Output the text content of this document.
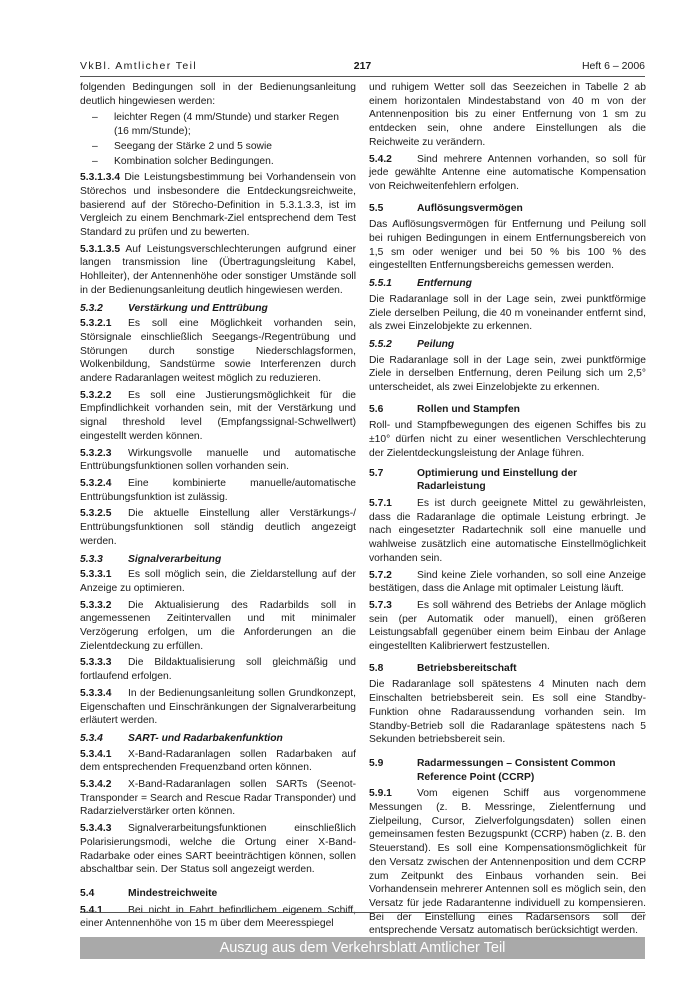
VkBl. Amtlicher Teil	217	Heft 6 – 2006

folgenden Bedingungen soll in der Bedienungsanleitung deutlich hingewiesen werden:

– leichter Regen (4 mm/Stunde) und starker Regen (16 mm/Stunde);
– Seegang der Stärke 2 und 5 sowie
– Kombination solcher Bedingungen.

5.3.1.3.4 Die Leistungsbestimmung bei Vorhandensein von Störechos und insbesondere die Entdeckungsreichweite, basierend auf der Störecho-Definition in 5.3.1.3.3, ist im Vergleich zu einem Benchmark-Ziel entsprechend dem Test Standard zu prüfen und zu bewerten.

5.3.1.3.5 Auf Leistungsverschlechterungen aufgrund einer langen transmission line (Übertragungsleitung Kabel, Hohlleiter), der Antennenhöhe oder sonstiger Umstände soll in der Bedienungsanleitung deutlich hingewiesen werden.

5.3.2	Verstärkung und Enttrübung

5.3.2.1 Es soll eine Möglichkeit vorhanden sein, Störsignale einschließlich Seegangs-/Regentrübung und Störungen durch sonstige Niederschlagsformen, Wolkenbildung, Sandstürme sowie Interferenzen durch andere Radaranlagen weitest möglich zu reduzieren.

5.3.2.2 Es soll eine Justierungsmöglichkeit für die Empfindlichkeit vorhanden sein, mit der Verstärkung und signal threshold level (Empfangssignal-Schwellwert) eingestellt werden können.

5.3.2.3 Wirkungsvolle manuelle und automatische Enttrübungsfunktionen sollen vorhanden sein.

5.3.2.4 Eine kombinierte manuelle/automatische Enttrübungsfunktion ist zulässig.

5.3.2.5 Die aktuelle Einstellung aller Verstärkungs-/ Enttrübungsfunktionen soll ständig deutlich angezeigt werden.

5.3.3	Signalverarbeitung

5.3.3.1 Es soll möglich sein, die Zieldarstellung auf der Anzeige zu optimieren.

5.3.3.2 Die Aktualisierung des Radarbilds soll in angemessenen Zeitintervallen und mit minimaler Verzögerung erfolgen, um die Anforderungen an die Zielentdeckung zu erfüllen.

5.3.3.3 Die Bildaktualisierung soll gleichmäßig und fortlaufend erfolgen.

5.3.3.4 In der Bedienungsanleitung sollen Grundkonzept, Eigenschaften und Einschränkungen der Signalverarbeitung erläutert werden.

5.3.4	SART- und Radarbakenfunktion

5.3.4.1 X-Band-Radaranlagen sollen Radarbaken auf dem entsprechenden Frequenzband orten können.

5.3.4.2 X-Band-Radaranlagen sollen SARTs (Seenot-Transponder = Search and Rescue Radar Transponder) und Radarzielverstärker orten können.

5.3.4.3 Signalverarbeitungsfunktionen einschließlich Polarisierungsmodi, welche die Ortung einer X-Band-Radarbake oder eines SART beeinträchtigen können, sollen abschaltbar sein. Der Status soll angezeigt werden.

5.4	Mindestreichweite

5.4.1 Bei nicht in Fahrt befindlichem eigenem Schiff, einer Antennenhöhe von 15 m über dem Meeresspiegel

und ruhigem Wetter soll das Seezeichen in Tabelle 2 ab einem horizontalen Mindestabstand von 40 m von der Antennenposition bis zu einer Entfernung von 1 sm zu entdecken sein, ohne andere Einstellungen als die Reichweite zu verändern.

5.4.2 Sind mehrere Antennen vorhanden, so soll für jede gewählte Antenne eine automatische Kompensation von Reichweitenfehlern erfolgen.

5.5	Auflösungsvermögen

Das Auflösungsvermögen für Entfernung und Peilung soll bei ruhigen Bedingungen in einem Entfernungsbereich von 1,5 sm oder weniger und bei 50 % bis 100 % des eingestellten Entfernungsbereichs gemessen werden.

5.5.1	Entfernung

Die Radaranlage soll in der Lage sein, zwei punktförmige Ziele derselben Peilung, die 40 m voneinander entfernt sind, als zwei Einzelobjekte zu erkennen.

5.5.2	Peilung

Die Radaranlage soll in der Lage sein, zwei punktförmige Ziele in derselben Entfernung, deren Peilung sich um 2,5° unterscheidet, als zwei Einzelobjekte zu erkennen.

5.6	Rollen und Stampfen

Roll- und Stampfbewegungen des eigenen Schiffes bis zu ±10° dürfen nicht zu einer wesentlichen Verschlechterung der Zielentdeckungsleistung der Anlage führen.

5.7	Optimierung und Einstellung der Radarleistung

5.7.1 Es ist durch geeignete Mittel zu gewährleisten, dass die Radaranlage die optimale Leistung erbringt. Je nach eingesetzter Radartechnik soll eine manuelle und wahlweise zusätzlich eine automatische Einstellmöglichkeit vorhanden sein.

5.7.2 Sind keine Ziele vorhanden, so soll eine Anzeige bestätigen, dass die Anlage mit optimaler Leistung läuft.

5.7.3 Es soll während des Betriebs der Anlage möglich sein (per Automatik oder manuell), einen größeren Leistungsabfall gegenüber einem beim Einbau der Anlage eingestellten Kalibrierwert festzustellen.

5.8	Betriebsbereitschaft

Die Radaranlage soll spätestens 4 Minuten nach dem Einschalten betriebsbereit sein. Es soll eine Standby-Funktion ohne Radaraussendung vorhanden sein. Im Standby-Betrieb soll die Radaranlage spätestens nach 5 Sekunden betriebsbereit sein.

5.9	Radarmessungen – Consistent Common Reference Point (CCRP)

5.9.1 Vom eigenen Schiff aus vorgenommene Messungen (z. B. Messringe, Zielentfernung und Zielpeilung, Cursor, Zielverfolgungsdaten) sollen einen gemeinsamen festen Bezugspunkt (CCRP) haben (z. B. den Steuerstand). Es soll eine Kompensationsmöglichkeit für den Versatz zwischen der Antennenposition und dem CCRP zum Zeitpunkt des Einbaus vorhanden sein. Bei Vorhandensein mehrerer Antennen soll es möglich sein, den Versatz für jede Radarantenne individuell zu kompensieren. Bei der Einstellung eines Radarsensors soll der entsprechende Versatz automatisch berücksichtigt werden.

Auszug aus dem Verkehrsblatt Amtlicher Teil
